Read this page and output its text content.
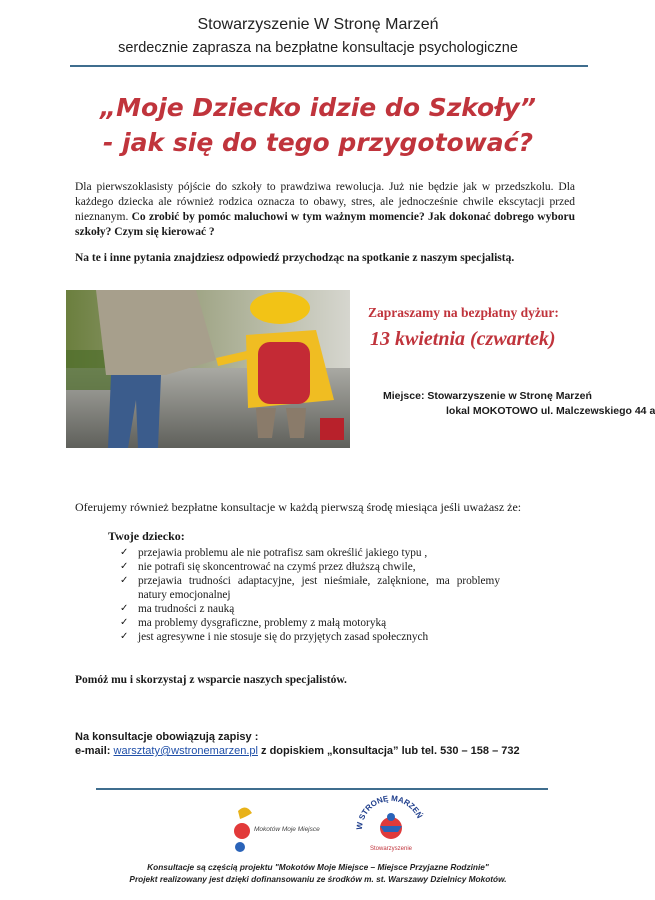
Stowarzyszenie W Stronę Marzeń
serdecznie zaprasza na bezpłatne konsultacje psychologiczne
„Moje Dziecko idzie do Szkoły”
- jak się do tego przygotować?
Dla pierwszoklasisty pójście do szkoły to prawdziwa rewolucja. Już nie będzie jak w przedszkolu. Dla każdego dziecka ale również rodzica oznacza to obawy, stres, ale jednocześnie chwile ekscytacji przed nieznanym. Co zrobić by pomóc maluchowi w tym ważnym momencie? Jak dokonać dobrego wyboru szkoły? Czym się kierować ?
Na te i inne pytania znajdziesz odpowiedź przychodząc na spotkanie z naszym specjalistą.
Zapraszamy na bezpłatny dyżur:
13 kwietnia (czwartek)
Miejsce: Stowarzyszenie w Stronę Marzeń
lokal MOKOTOWO ul. Malczewskiego 44 a
Oferujemy również bezpłatne konsultacje w każdą pierwszą środę miesiąca jeśli uważasz że:
Twoje dziecko:
✓ przejawia problemu ale nie potrafisz sam określić jakiego typu ,
✓ nie potrafi się skoncentrować na czymś przez dłuższą chwile,
✓ przejawia trudności adaptacyjne, jest nieśmiałe, zalęknione, ma problemy natury emocjonalnej
✓ ma trudności z nauką
✓ ma problemy dysgraficzne, problemy z małą motoryką
✓ jest agresywne i nie stosuje się do przyjętych zasad społecznych
Pomóż mu i skorzystaj z wsparcie naszych specjalistów.
Na konsultacje obowiązują zapisy :
e-mail: warsztaty@wstronemarzen.pl z dopiskiem „konsultacja” lub tel. 530 – 158 – 732
Mokotów Moje Miejsce	W STRONĘ MARZEŃ
Stowarzyszenie
Konsultacje są częścią projektu "Mokotów Moje Miejsce – Miejsce Przyjazne Rodzinie"
Projekt realizowany jest dzięki dofinansowaniu ze środków m. st. Warszawy Dzielnicy Mokotów.
